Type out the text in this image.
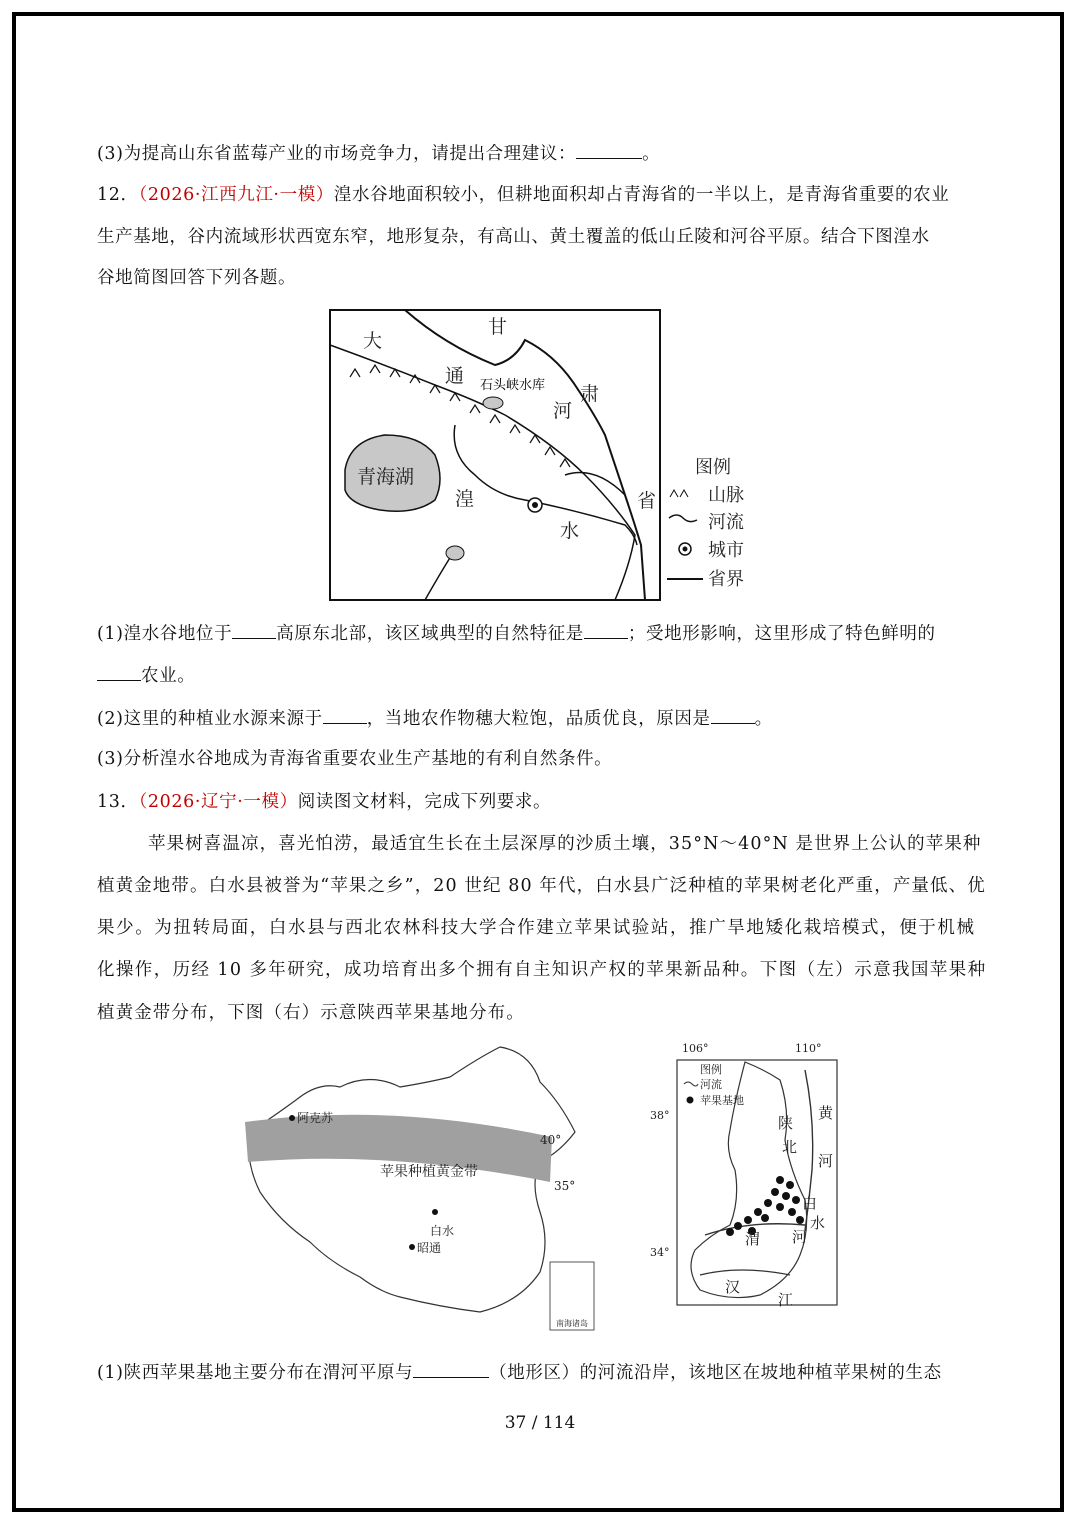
(3)为提高山东省蓝莓产业的市场竞争力，请提出合理建议：	。
12．（2026·江西九江·一模）湟水谷地面积较小，但耕地面积却占青海省的一半以上，是青海省重要的农业
生产基地，谷内流域形状西宽东窄，地形复杂，有高山、黄土覆盖的低山丘陵和河谷平原。结合下图湟水
谷地简图回答下列各题。
大
甘
通
肃
河
湟
水
省
青海湖
石头峡水库
图例
山脉
河流
城市
省界
(1)湟水谷地位于	高原东北部，该区域典型的自然特征是	；受地形影响，这里形成了特色鲜明的
农业。
(2)这里的种植业水源来源于	，当地农作物穗大粒饱，品质优良，原因是	。
(3)分析湟水谷地成为青海省重要农业生产基地的有利自然条件。
13．（2026·辽宁·一模）阅读图文材料，完成下列要求。
苹果树喜温凉，喜光怕涝，最适宜生长在土层深厚的沙质土壤，35°N～40°N 是世界上公认的苹果种
植黄金地带。白水县被誉为“苹果之乡”，20 世纪 80 年代，白水县广泛种植的苹果树老化严重，产量低、优
果少。为扭转局面，白水县与西北农林科技大学合作建立苹果试验站，推广旱地矮化栽培模式，便于机械
化操作，历经 10 多年研究，成功培育出多个拥有自主知识产权的苹果新品种。下图（左）示意我国苹果种
植黄金带分布，下图（右）示意陕西苹果基地分布。
阿克苏
苹果种植黄金带
40°
35°
白水
昭通
南海诸岛
106°	110°
38°
34°
图例
河流
苹果基地
陕
北
黄
河
白
水
渭 河
汉
江
(1)陕西苹果基地主要分布在渭河平原与	（地形区）的河流沿岸，该地区在坡地种植苹果树的生态
37 / 114
